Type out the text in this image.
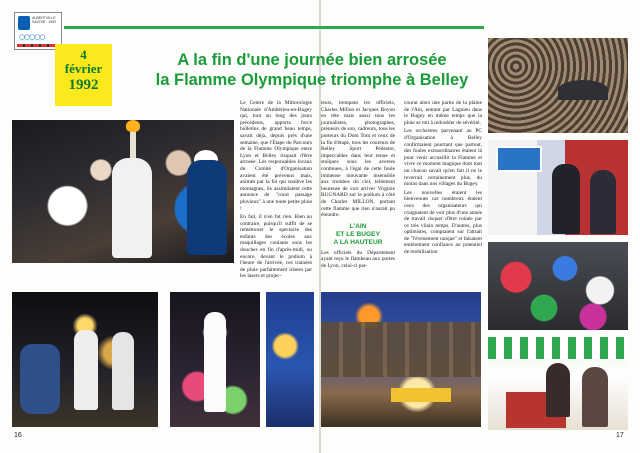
ALBERTVILLE · SAVOIE · 1992
○○○○○
4
février
1992
A la fin d'une journée bien arrosée
la Flamme Olympique triomphe à Belley

Le Centre de la Mittorologie Nationale d'Ambérieu-en-Bugey qui, tout au long des jours précédents, apporta force bulletins de grand beau temps, savait déjà, depuis près d'une semaine, que l'Étape du Parcours de la Flamme Olympique entre Lyon et Belley risquait d'être arrosée. Les responsables locaux du Comité d'Organisation avaient été prévenus mais, animés par la foi qui soulève les montagnes, ils assimilaient cette annonce de "court passage pluvieux" à une toute petite pluie !

En fait, il n'en fut rien. Bien au contraire, puisqu'il suffit de se remémorer le spectacle des enfants des écoles aux maquillages coulants sous les douches en fin d'après-midi, ou encore, devant le podium à l'heure de l'arrivée, ces trainées de pluie parfaitement irisées par les lasers et projec-

teurs, trempant les officiels, Charles Millon et Jacques Boyon en tête mais aussi tous les journalistes, photographes, preneurs de son, cadreurs, tous les porteurs du Dom Tom et ceux de la fin d'étape, tous les coureurs de Belley Sport Pédestre, impeccables dans leur tenue et stoïques sous les averses continues, à l'égal de cette foule immense mouvante insensible aux trombes du ciel, tellement heureuse de voir arriver Virginie BUGNARD sur le podium à côté de Charles MILLON, portant cette flamme que rien n'aurait pu éteindre.

L'AIN
ET LE BUGEY
A LA HAUTEUR

Les officiels du Département ayant reçu le flambeau aux portes de Lyon, celui-ci par-

courut alors une partie de la plaine de l'Ain, entrant par Lagnieu dans le Bugey en même temps que la pluie se mit à redoubler de sévérité.

Les orchestres parvenant au PC d'Organisation à Belley confirmaient pourtant que partout, des foules extraordinaires étaient là pour venir accueillir la Flamme et vivre ce moment magique dont tout un chacun savait qu'en fait il ne le reverrait certainement plus, du moins dans nos villages du Bugey.

Les nouvelles étaient les bienvenues car nombreux étaient ceux des organisateurs qui craignaient de voir plus d'une année de travail risquer d'être ruinée par ce très vilain temps. D'autres, plus optimistes, comptaient sur l'attrait de "l'événement unique" et faisaient entièrement confiance au potentiel de mobilisation

16	17
